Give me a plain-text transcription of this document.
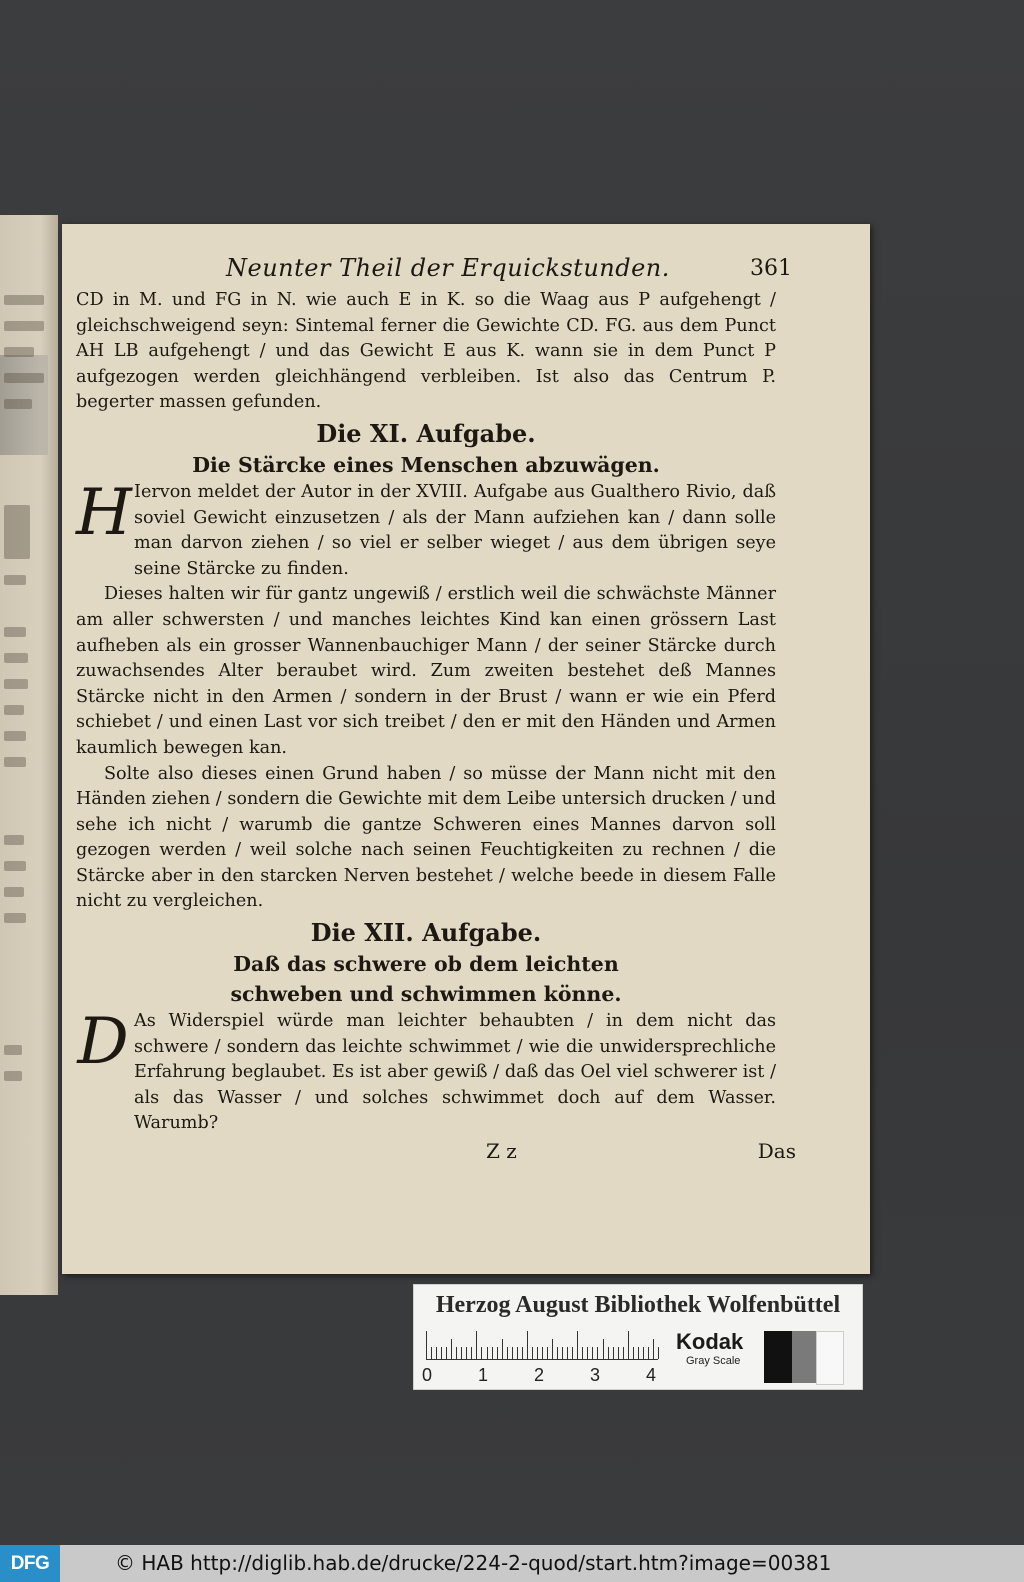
Neunter Theil der Erquickstunden.	361

CD in M. und FG in N. wie auch E in K. so die Waag aus P aufgehengt / gleichschweigend seyn: Sintemal ferner die Gewichte CD. FG. aus dem Punct AH LB aufgehengt / und das Gewicht E aus K. wann sie in dem Punct P aufgezogen werden gleichhängend verbleiben. Ist also das Centrum P. begerter massen gefunden.

Die XI. Aufgabe.
Die Stärcke eines Menschen abzuwägen.
H Iervon meldet der Autor in der XVIII. Aufgabe aus Gualthero Rivio, daß soviel Gewicht einzusetzen / als der Mann aufziehen kan / dann solle man darvon ziehen / so viel er selber wieget / aus dem übrigen seye seine Stärcke zu finden.

Dieses halten wir für gantz ungewiß / erstlich weil die schwächste Männer am aller schwersten / und manches leichtes Kind kan einen grössern Last aufheben als ein grosser Wannenbauchiger Mann / der seiner Stärcke durch zuwachsendes Alter beraubet wird. Zum zweiten bestehet deß Mannes Stärcke nicht in den Armen / sondern in der Brust / wann er wie ein Pferd schiebet / und einen Last vor sich treibet / den er mit den Händen und Armen kaumlich bewegen kan.

Solte also dieses einen Grund haben / so müsse der Mann nicht mit den Händen ziehen / sondern die Gewichte mit dem Leibe untersich drucken / und sehe ich nicht / warumb die gantze Schweren eines Mannes darvon soll gezogen werden / weil solche nach seinen Feuchtigkeiten zu rechnen / die Stärcke aber in den starcken Nerven bestehet / welche beede in diesem Falle nicht zu vergleichen.

Die XII. Aufgabe.
Daß das schwere ob dem leichten schweben und schwimmen könne.
D As Widerspiel würde man leichter behaubten / in dem nicht das schwere / sondern das leichte schwimmet / wie die unwidersprechliche Erfahrung beglaubet. Es ist aber gewiß / daß das Oel viel schwerer ist / als das Wasser / und solches schwimmet doch auf dem Wasser. Warumb?

Z z	Das
Herzog August Bibliothek Wolfenbüttel
0	1	2	3	4
Kodak
Gray Scale
DFG	© HAB http://diglib.hab.de/drucke/224-2-quod/start.htm?image=00381
